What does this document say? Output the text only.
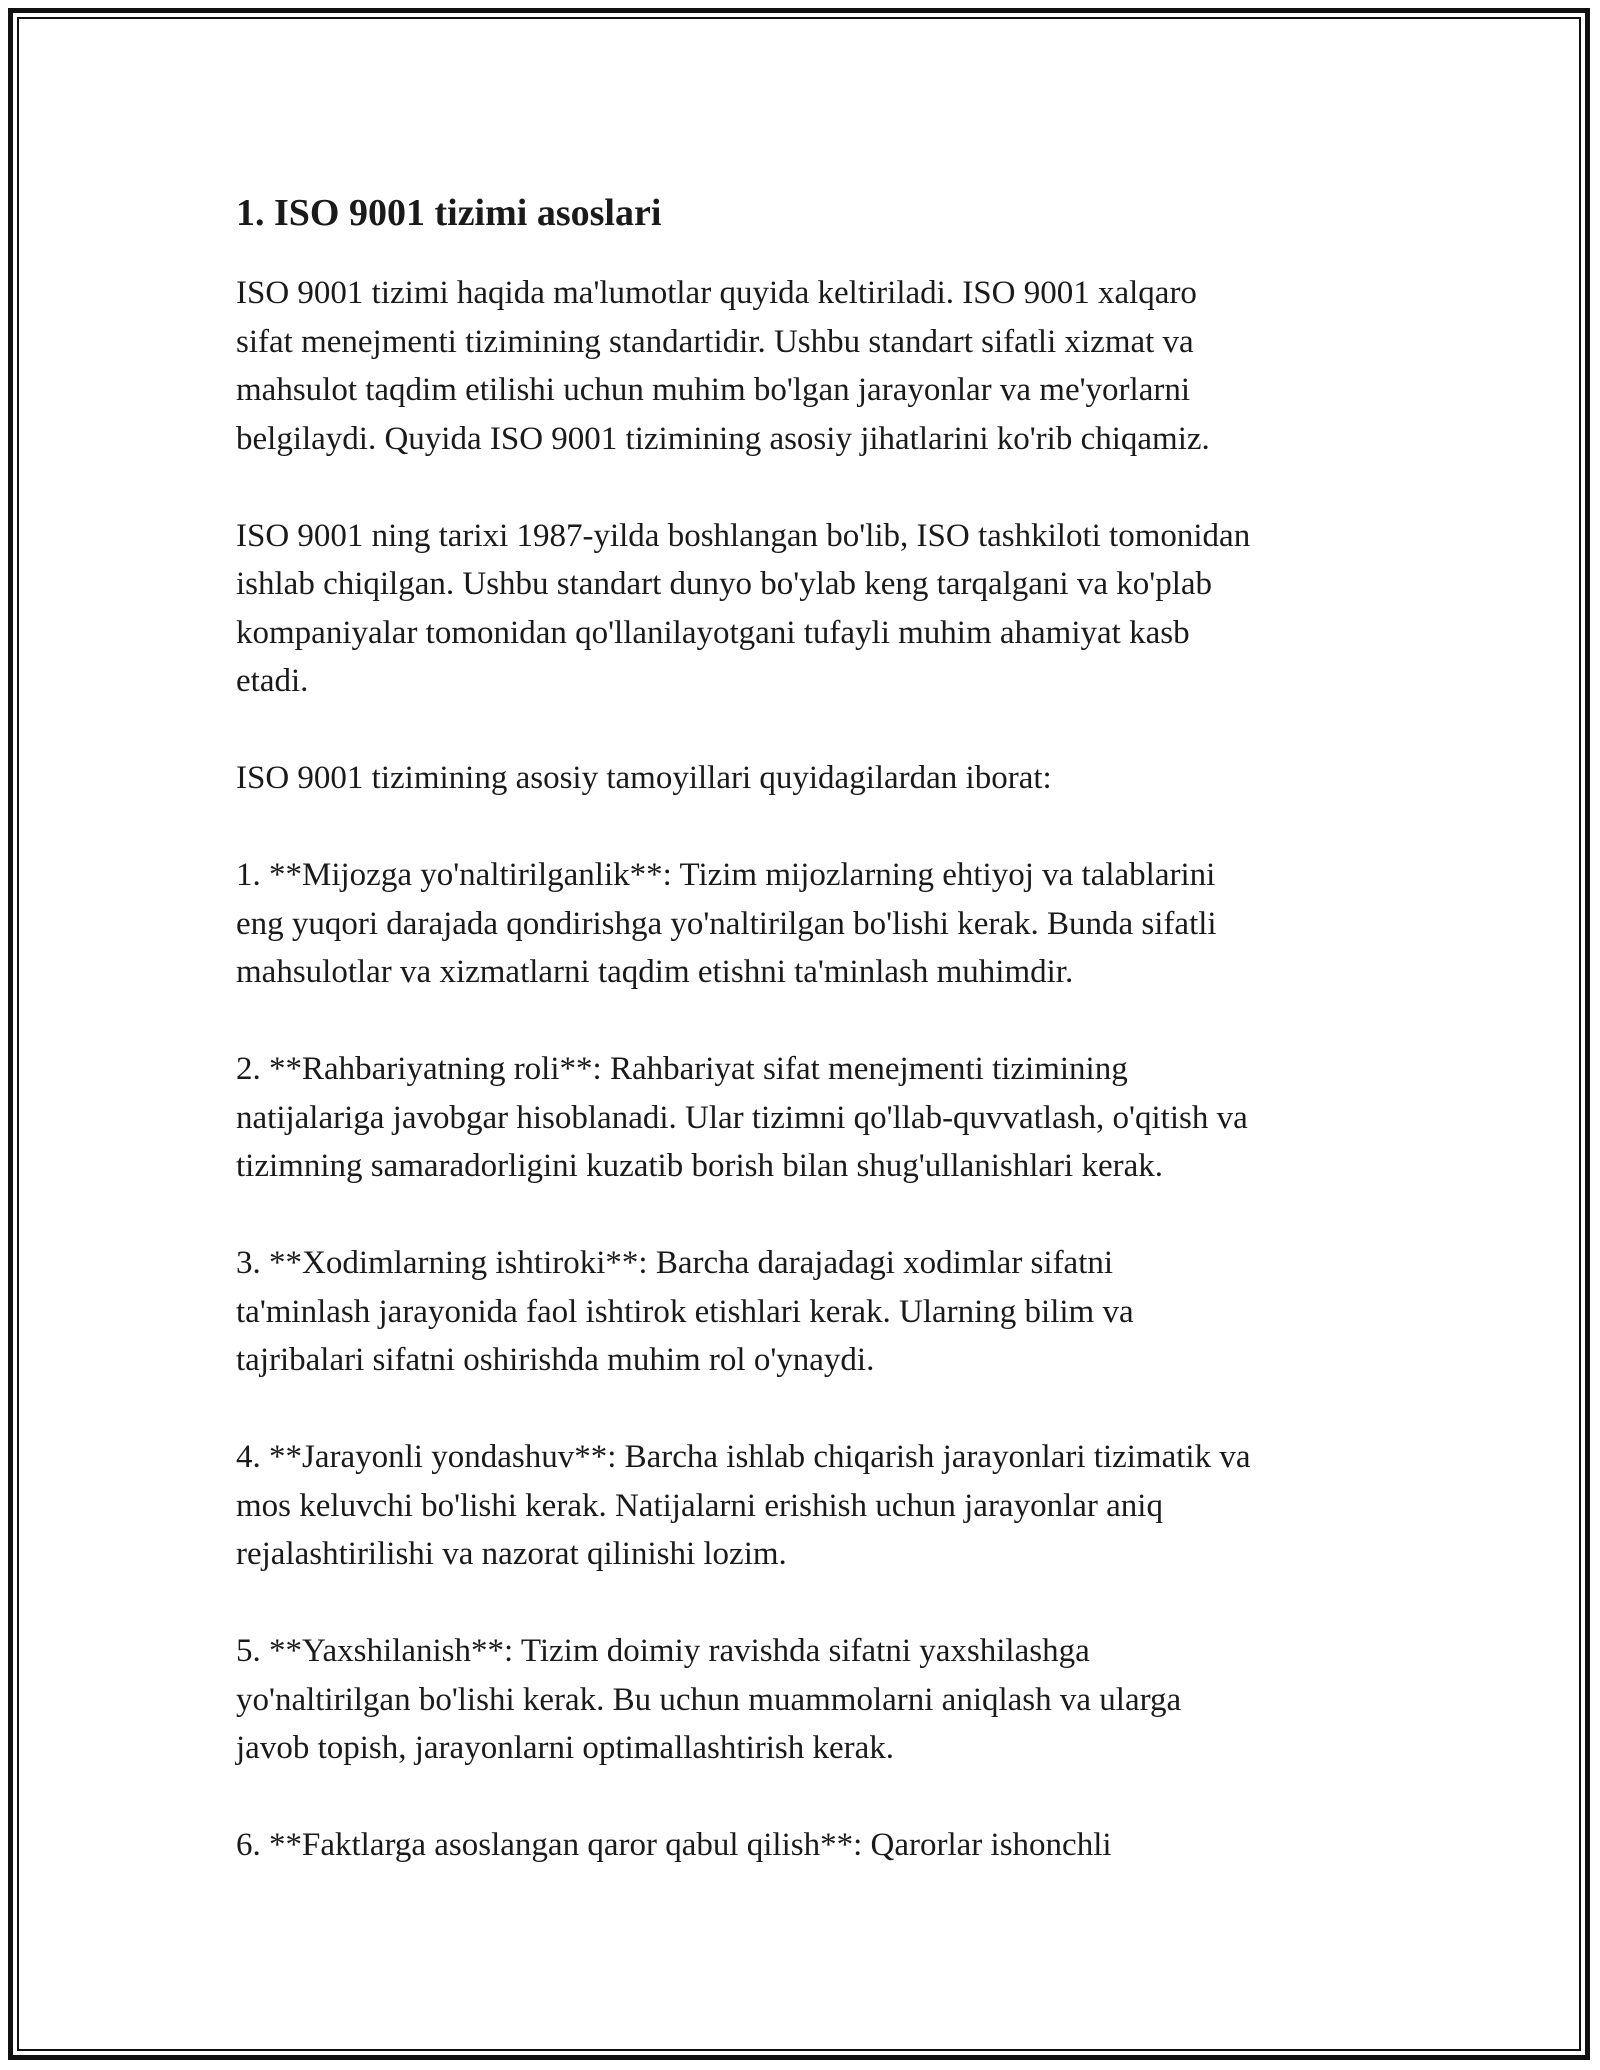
1. ISO 9001 tizimi asoslari
ISO 9001 tizimi haqida ma'lumotlar quyida keltiriladi. ISO 9001 xalqaro
sifat menejmenti tizimining standartidir. Ushbu standart sifatli xizmat va
mahsulot taqdim etilishi uchun muhim bo'lgan jarayonlar va me'yorlarni
belgilaydi. Quyida ISO 9001 tizimining asosiy jihatlarini ko'rib chiqamiz.
ISO 9001 ning tarixi 1987-yilda boshlangan bo'lib, ISO tashkiloti tomonidan
ishlab chiqilgan. Ushbu standart dunyo bo'ylab keng tarqalgani va ko'plab
kompaniyalar tomonidan qo'llanilayotgani tufayli muhim ahamiyat kasb
etadi.
ISO 9001 tizimining asosiy tamoyillari quyidagilardan iborat:
1. **Mijozga yo'naltirilganlik**: Tizim mijozlarning ehtiyoj va talablarini
eng yuqori darajada qondirishga yo'naltirilgan bo'lishi kerak. Bunda sifatli
mahsulotlar va xizmatlarni taqdim etishni ta'minlash muhimdir.
2. **Rahbariyatning roli**: Rahbariyat sifat menejmenti tizimining
natijalariga javobgar hisoblanadi. Ular tizimni qo'llab-quvvatlash, o'qitish va
tizimning samaradorligini kuzatib borish bilan shug'ullanishlari kerak.
3. **Xodimlarning ishtiroki**: Barcha darajadagi xodimlar sifatni
ta'minlash jarayonida faol ishtirok etishlari kerak. Ularning bilim va
tajribalari sifatni oshirishda muhim rol o'ynaydi.
4. **Jarayonli yondashuv**: Barcha ishlab chiqarish jarayonlari tizimatik va
mos keluvchi bo'lishi kerak. Natijalarni erishish uchun jarayonlar aniq
rejalashtirilishi va nazorat qilinishi lozim.
5. **Yaxshilanish**: Tizim doimiy ravishda sifatni yaxshilashga
yo'naltirilgan bo'lishi kerak. Bu uchun muammolarni aniqlash va ularga
javob topish, jarayonlarni optimallashtirish kerak.
6. **Faktlarga asoslangan qaror qabul qilish**: Qarorlar ishonchli
